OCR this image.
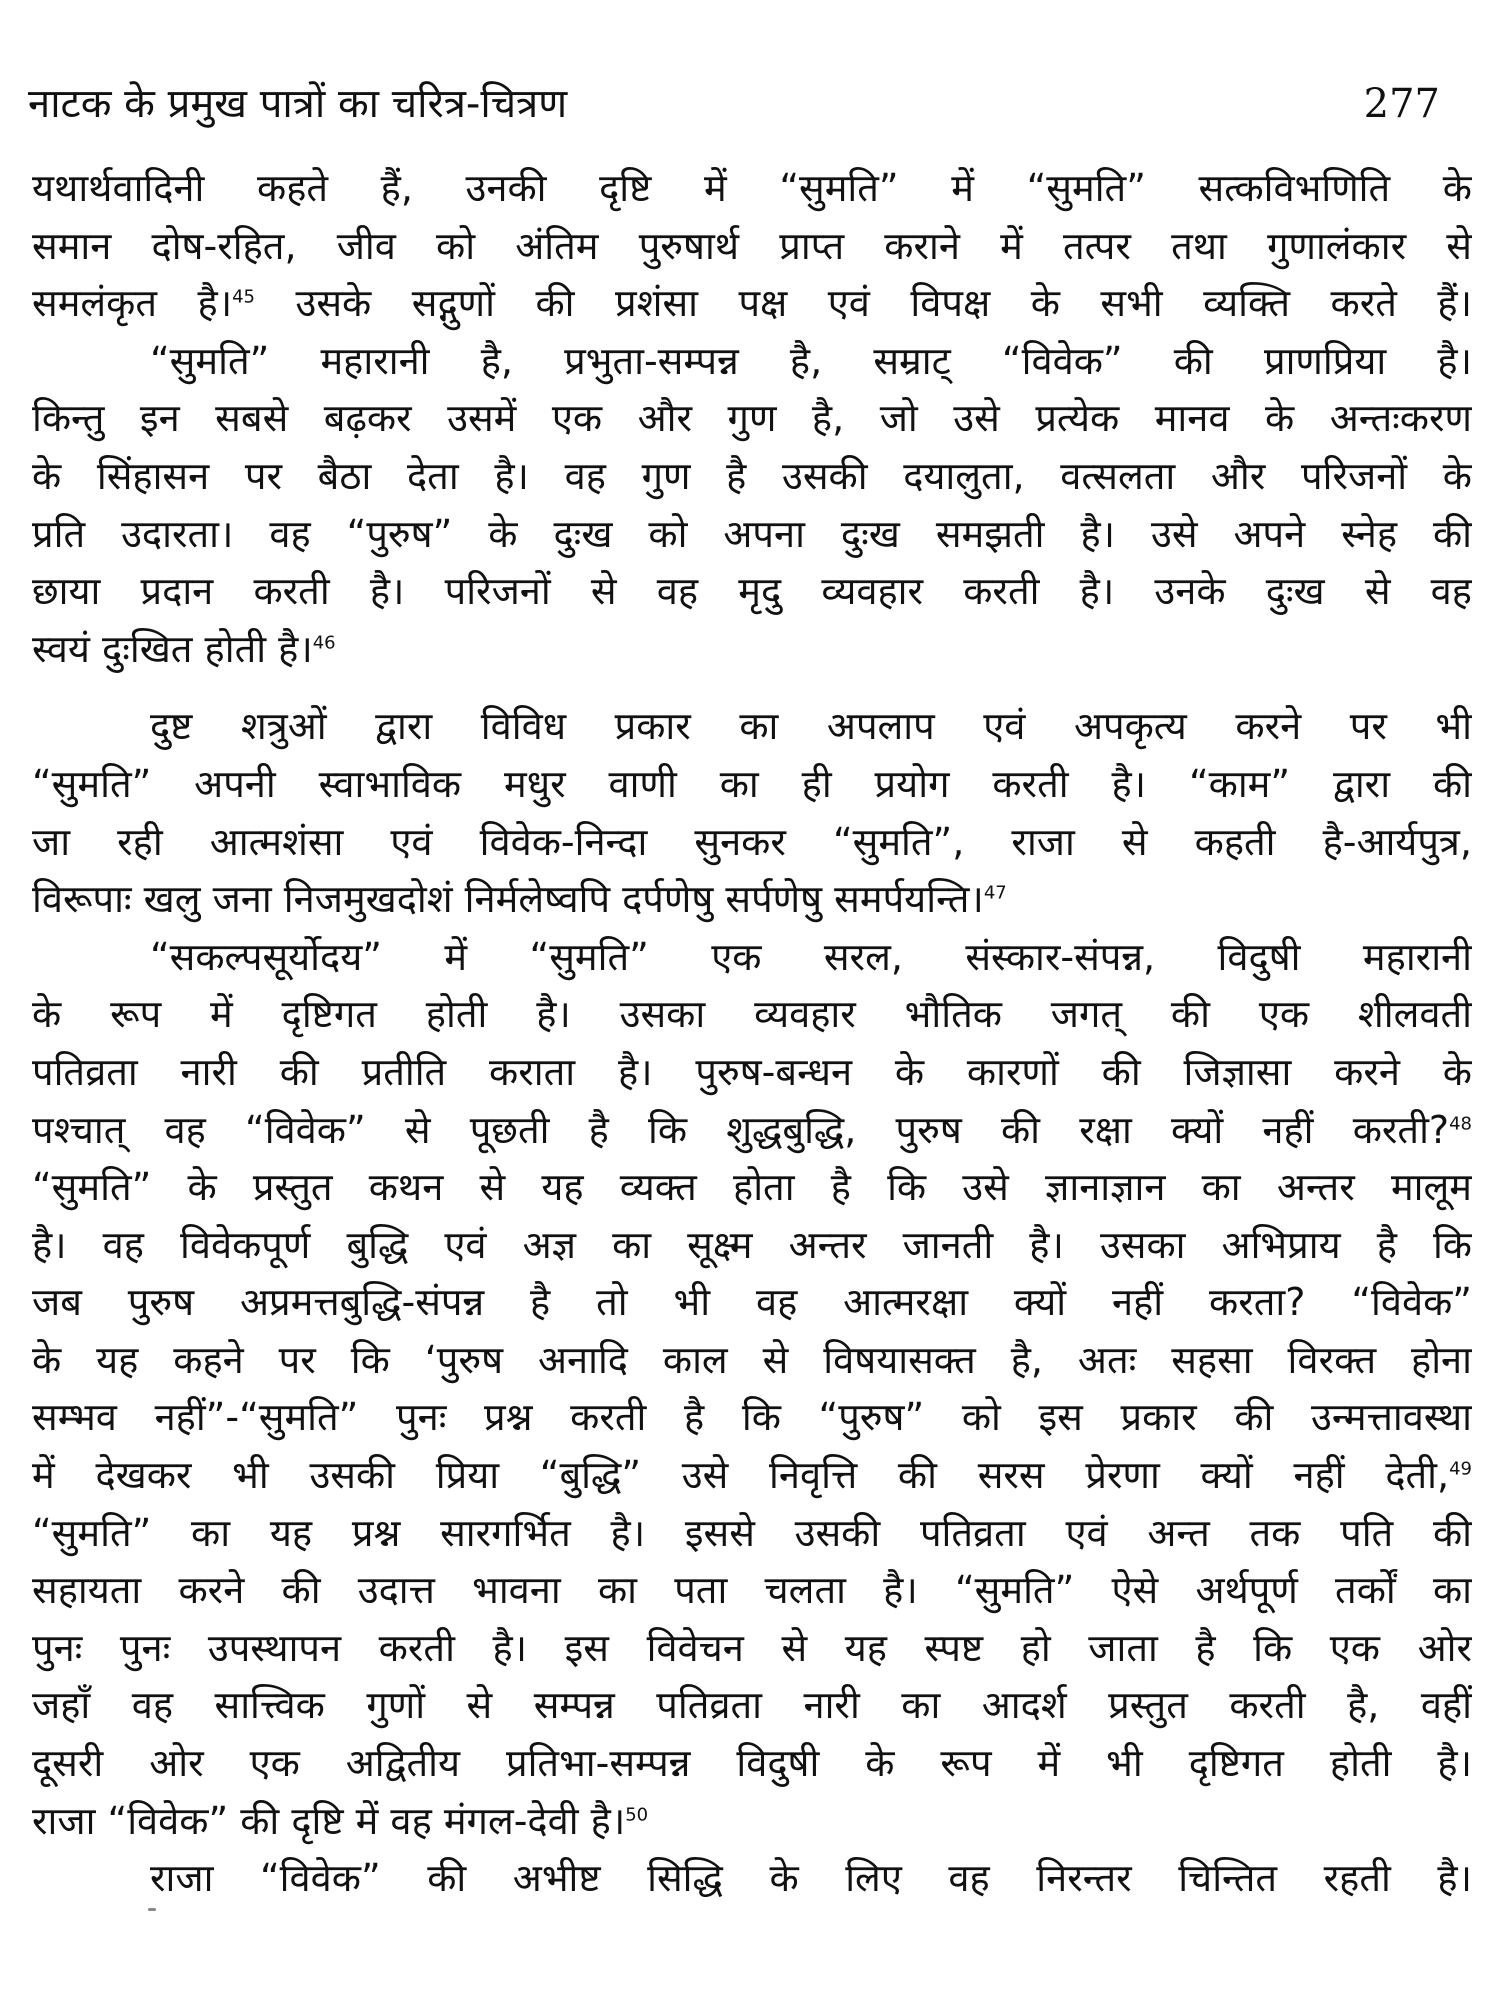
नाटक के प्रमुख पात्रों का चरित्र-चित्रण	277
यथार्थवादिनी कहते हैं, उनकी दृष्टि में “सुमति” में “सुमति” सत्कविभणिति के
समान दोष-रहित, जीव को अंतिम पुरुषार्थ प्राप्त कराने में तत्पर तथा गुणालंकार से
समलंकृत है।$^{45}$ उसके सद्गुणों की प्रशंसा पक्ष एवं विपक्ष के सभी व्यक्ति करते हैं।
“सुमति” महारानी है, प्रभुता-सम्पन्न है, सम्राट् “विवेक” की प्राणप्रिया है।
किन्तु इन सबसे बढ़कर उसमें एक और गुण है, जो उसे प्रत्येक मानव के अन्तःकरण
के सिंहासन पर बैठा देता है। वह गुण है उसकी दयालुता, वत्सलता और परिजनों के
प्रति उदारता। वह “पुरुष” के दुःख को अपना दुःख समझती है। उसे अपने स्नेह की
छाया प्रदान करती है। परिजनों से वह मृदु व्यवहार करती है। उनके दुःख से वह
स्वयं दुःखित होती है।$^{46}$
दुष्ट शत्रुओं द्वारा विविध प्रकार का अपलाप एवं अपकृत्य करने पर भी
“सुमति” अपनी स्वाभाविक मधुर वाणी का ही प्रयोग करती है। “काम” द्वारा की
जा रही आत्मशंसा एवं विवेक-निन्दा सुनकर “सुमति”, राजा से कहती है-आर्यपुत्र,
विरूपाः खलु जना निजमुखदोशं निर्मलेष्वपि दर्पणेषु सर्पणेषु समर्पयन्ति।$^{47}$
“सकल्पसूर्योदय” में “सुमति” एक सरल, संस्कार-संपन्न, विदुषी महारानी
के रूप में दृष्टिगत होती है। उसका व्यवहार भौतिक जगत् की एक शीलवती
पतिव्रता नारी की प्रतीति कराता है। पुरुष-बन्धन के कारणों की जिज्ञासा करने के
पश्चात् वह “विवेक” से पूछती है कि शुद्धबुद्धि, पुरुष की रक्षा क्यों नहीं करती?$^{48}$
“सुमति” के प्रस्तुत कथन से यह व्यक्त होता है कि उसे ज्ञानाज्ञान का अन्तर मालूम
है। वह विवेकपूर्ण बुद्धि एवं अज्ञ का सूक्ष्म अन्तर जानती है। उसका अभिप्राय है कि
जब पुरुष अप्रमत्तबुद्धि-संपन्न है तो भी वह आत्मरक्षा क्यों नहीं करता? “विवेक”
के यह कहने पर कि ‘पुरुष अनादि काल से विषयासक्त है, अतः सहसा विरक्त होना
सम्भव नहीं”-“सुमति” पुनः प्रश्न करती है कि “पुरुष” को इस प्रकार की उन्मत्तावस्था
में देखकर भी उसकी प्रिया “बुद्धि” उसे निवृत्ति की सरस प्रेरणा क्यों नहीं देती,$^{49}$
“सुमति” का यह प्रश्न सारगर्भित है। इससे उसकी पतिव्रता एवं अन्त तक पति की
सहायता करने की उदात्त भावना का पता चलता है। “सुमति” ऐसे अर्थपूर्ण तर्कों का
पुनः पुनः उपस्थापन करती है। इस विवेचन से यह स्पष्ट हो जाता है कि एक ओर
जहाँ वह सात्त्विक गुणों से सम्पन्न पतिव्रता नारी का आदर्श प्रस्तुत करती है, वहीं
दूसरी ओर एक अद्वितीय प्रतिभा-सम्पन्न विदुषी के रूप में भी दृष्टिगत होती है।
राजा “विवेक” की दृष्टि में वह मंगल-देवी है।$^{50}$
राजा “विवेक” की अभीष्ट सिद्धि के लिए वह निरन्तर चिन्तित रहती है।
